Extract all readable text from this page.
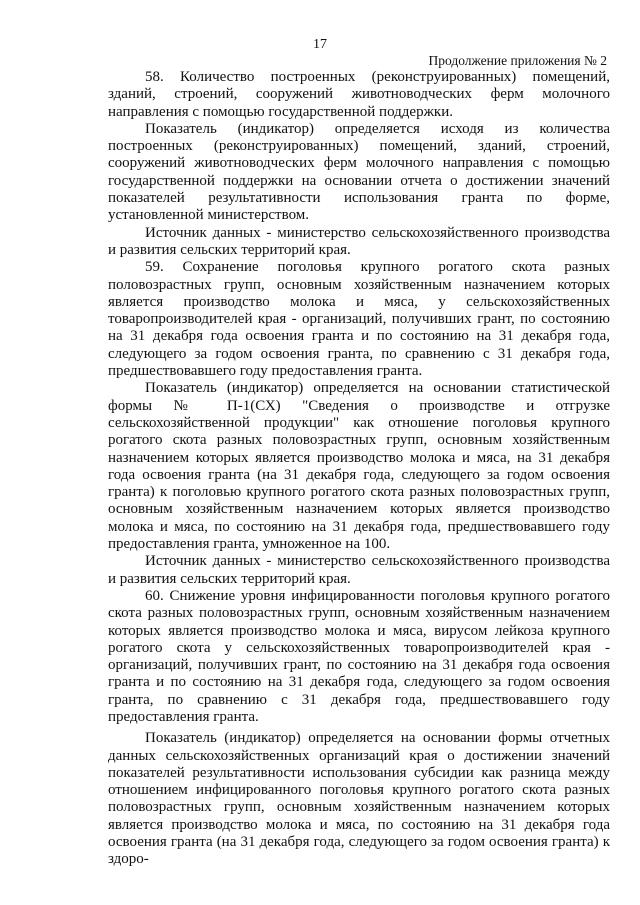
17
Продолжение приложения № 2

58. Количество построенных (реконструированных) помещений, зданий, строений, сооружений животноводческих ферм молочного направления с помощью государственной поддержки.

Показатель (индикатор) определяется исходя из количества построенных (реконструированных) помещений, зданий, строений, сооружений животноводческих ферм молочного направления с помощью государственной поддержки на основании отчета о достижении значений показателей результативности использования гранта по форме, установленной министерством.

Источник данных - министерство сельскохозяйственного производства и развития сельских территорий края.

59. Сохранение поголовья крупного рогатого скота разных половозрастных групп, основным хозяйственным назначением которых является производство молока и мяса, у сельскохозяйственных товаропроизводителей края - организаций, получивших грант, по состоянию на 31 декабря года освоения гранта и по состоянию на 31 декабря года, следующего за годом освоения гранта, по сравнению с 31 декабря года, предшествовавшего году предоставления гранта.

Показатель (индикатор) определяется на основании статистической формы № П-1(СХ) "Сведения о производстве и отгрузке сельскохозяйственной продукции" как отношение поголовья крупного рогатого скота разных половозрастных групп, основным хозяйственным назначением которых является производство молока и мяса, на 31 декабря года освоения гранта (на 31 декабря года, следующего за годом освоения гранта) к поголовью крупного рогатого скота разных половозрастных групп, основным хозяйственным назначением которых является производство молока и мяса, по состоянию на 31 декабря года, предшествовавшего году предоставления гранта, умноженное на 100.

Источник данных - министерство сельскохозяйственного производства и развития сельских территорий края.

60. Снижение уровня инфицированности поголовья крупного рогатого скота разных половозрастных групп, основным хозяйственным назначением которых является производство молока и мяса, вирусом лейкоза крупного рогатого скота у сельскохозяйственных товаропроизводителей края - организаций, получивших грант, по состоянию на 31 декабря года освоения гранта и по состоянию на 31 декабря года, следующего за годом освоения гранта, по сравнению с 31 декабря года, предшествовавшего году предоставления гранта.

Показатель (индикатор) определяется на основании формы отчетных данных сельскохозяйственных организаций края о достижении значений показателей результативности использования субсидии как разница между отношением инфицированного поголовья крупного рогатого скота разных половозрастных групп, основным хозяйственным назначением которых является производство молока и мяса, по состоянию на 31 декабря года освоения гранта (на 31 декабря года, следующего за годом освоения гранта) к здоро-
